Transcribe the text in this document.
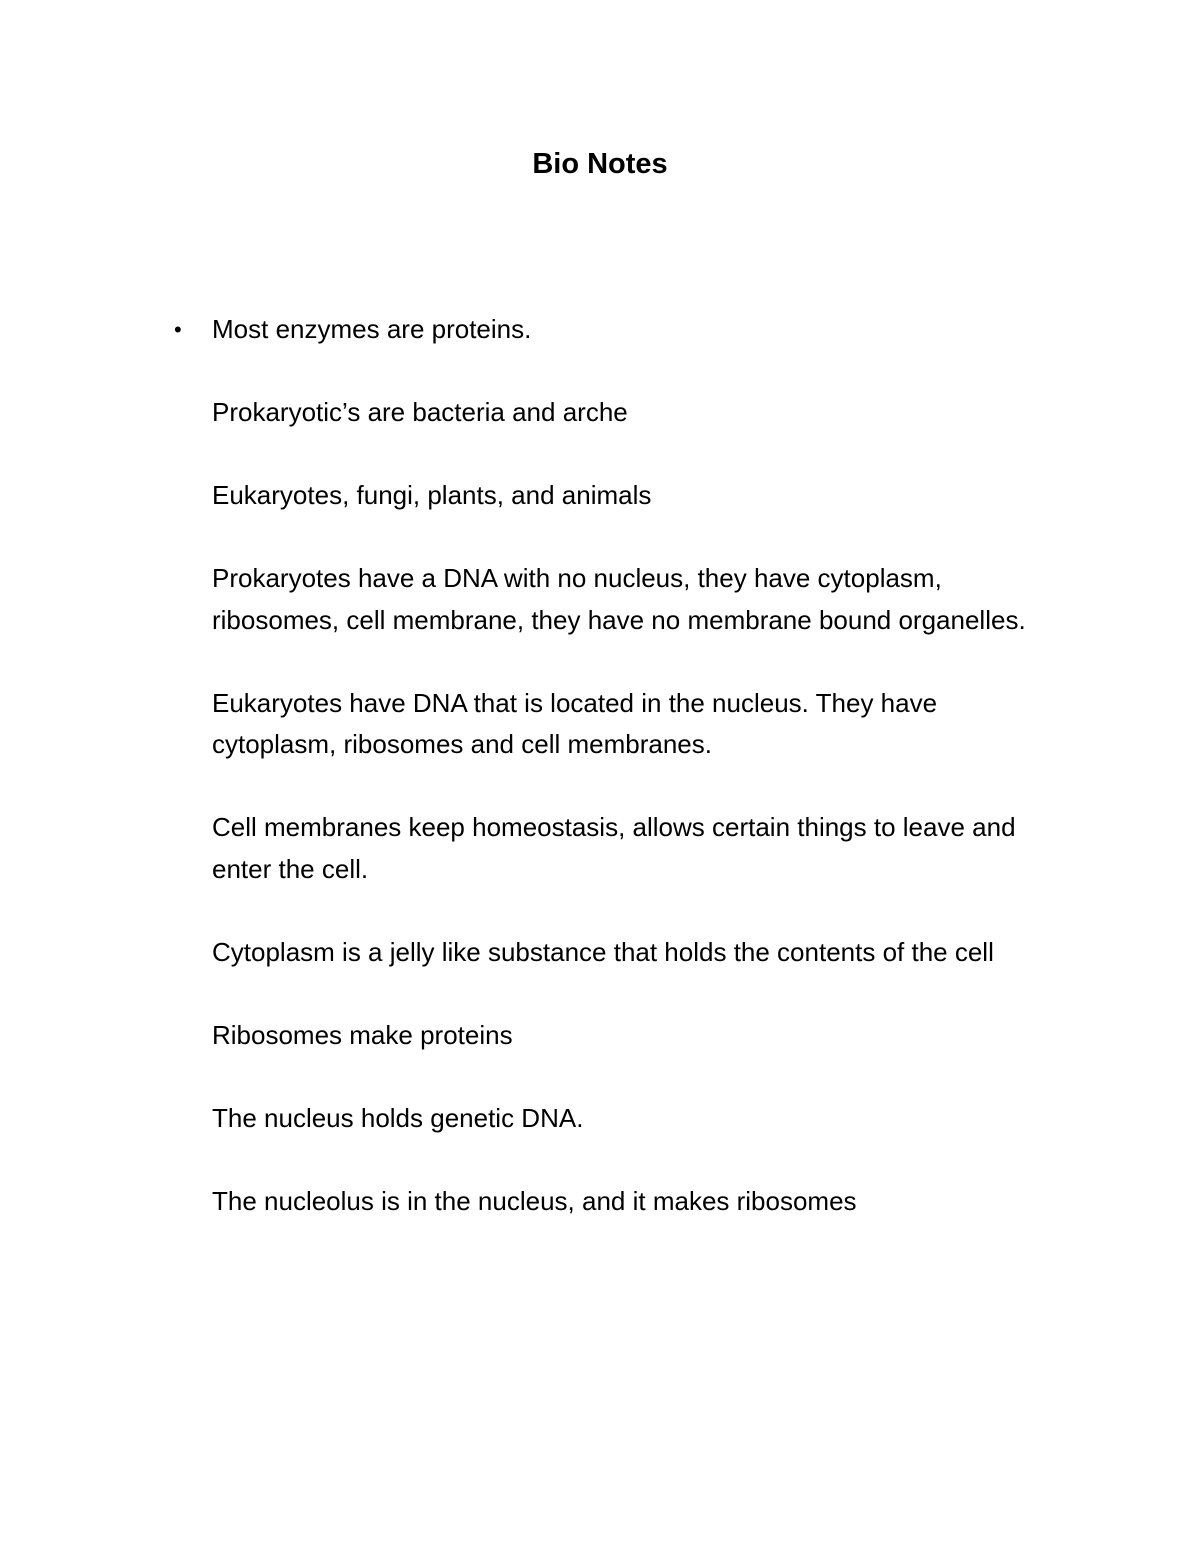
Bio Notes

• Most enzymes are proteins.

Prokaryotic’s are bacteria and arche

Eukaryotes, fungi, plants, and animals

Prokaryotes have a DNA with no nucleus, they have cytoplasm, ribosomes, cell membrane, they have no membrane bound organelles.

Eukaryotes have DNA that is located in the nucleus. They have cytoplasm, ribosomes and cell membranes.

Cell membranes keep homeostasis, allows certain things to leave and enter the cell.

Cytoplasm is a jelly like substance that holds the contents of the cell

Ribosomes make proteins

The nucleus holds genetic DNA.

The nucleolus is in the nucleus, and it makes ribosomes
